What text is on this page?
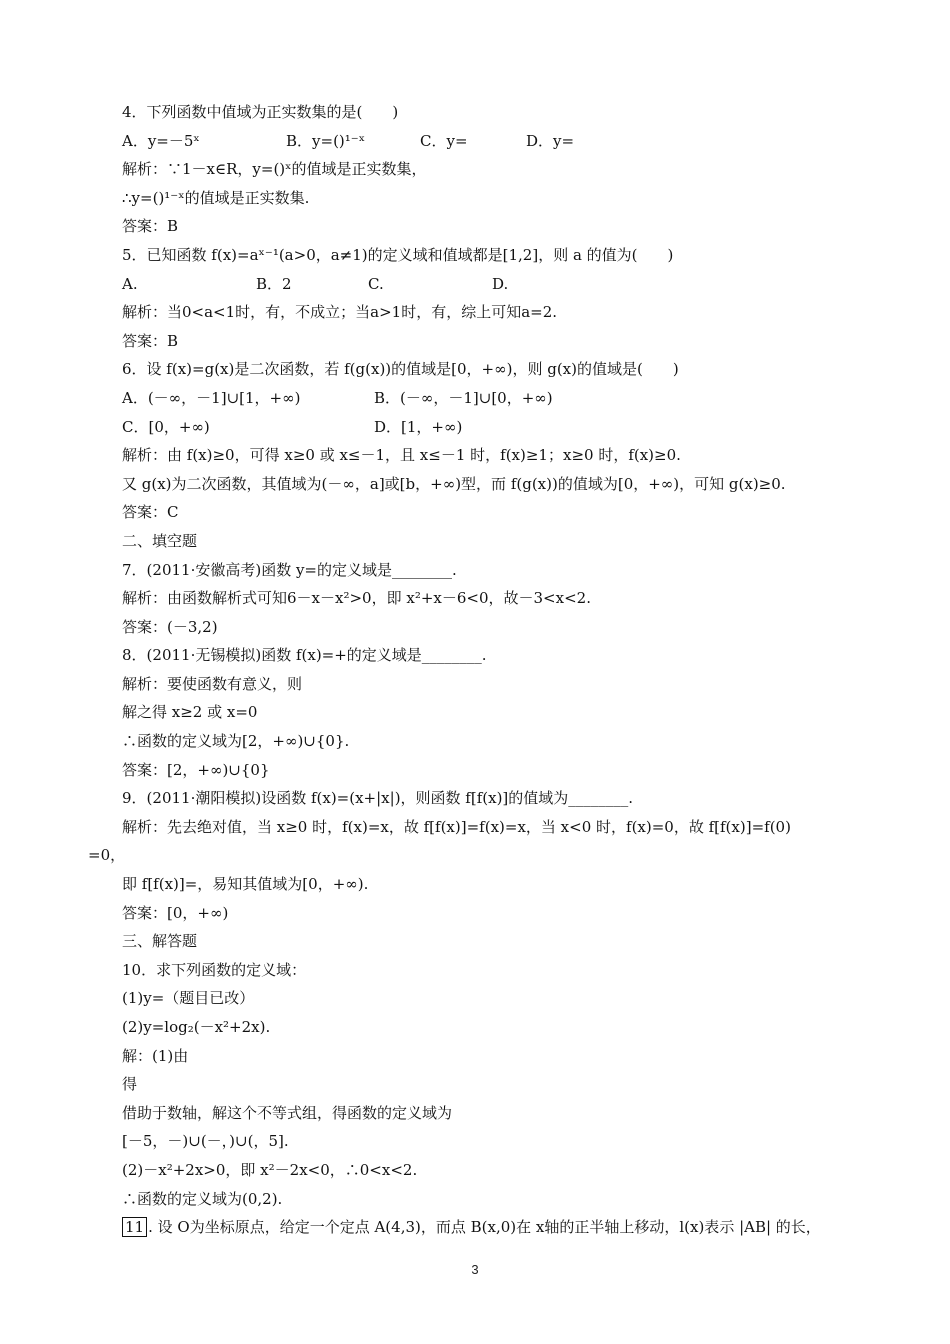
4．下列函数中值域为正实数集的是(　　)
A．y=－5ˣ	B．y=()¹⁻ˣ	C．y=	D．y=
解析：∵1－x∈R，y=()ˣ的值域是正实数集，
∴y=()¹⁻ˣ的值域是正实数集.
答案：B
5．已知函数 f(x)=aˣ⁻¹(a>0，a≠1)的定义域和值域都是[1,2]，则 a 的值为(　　)
A.	B．2	C.	D.
解析：当0<a<1时，有，不成立；当a>1时，有，综上可知a=2.
答案：B
6．设 f(x)=g(x)是二次函数，若 f(g(x))的值域是[0，+∞)，则 g(x)的值域是(　　)
A．(－∞，－1]∪[1，+∞)	B．(－∞，－1]∪[0，+∞)
C．[0，+∞)	D．[1，+∞)
解析：由 f(x)≥0，可得 x≥0 或 x≤－1，且 x≤－1 时，f(x)≥1；x≥0 时，f(x)≥0.
又 g(x)为二次函数，其值域为(－∞，a]或[b，+∞)型，而 f(g(x))的值域为[0，+∞)，可知 g(x)≥0.
答案：C
二、填空题
7．(2011·安徽高考)函数 y=的定义域是________.
解析：由函数解析式可知6－x－x²>0，即 x²+x－6<0，故－3<x<2.
答案：(－3,2)
8．(2011·无锡模拟)函数 f(x)=+的定义域是________.
解析：要使函数有意义，则
解之得 x≥2 或 x=0
∴函数的定义域为[2，+∞)∪{0}.
答案：[2，+∞)∪{0}
9．(2011·潮阳模拟)设函数 f(x)=(x+|x|)，则函数 f[f(x)]的值域为________.
解析：先去绝对值，当 x≥0 时，f(x)=x，故 f[f(x)]=f(x)=x，当 x<0 时，f(x)=0，故 f[f(x)]=f(0)
=0，
即 f[f(x)]=，易知其值域为[0，+∞).
答案：[0，+∞)
三、解答题
10．求下列函数的定义域：
(1)y=（题目已改）
(2)y=log₂(－x²+2x).
解：(1)由
得
借助于数轴，解这个不等式组，得函数的定义域为
[－5，－)∪(－，)∪(，5].
(2)－x²+2x>0，即 x²－2x<0，∴0<x<2.
∴函数的定义域为(0,2).
11 . 设 O为坐标原点，给定一个定点 A(4,3)，而点 B(x,0)在 x轴的正半轴上移动，l(x)表示 |AB| 的长，
3
